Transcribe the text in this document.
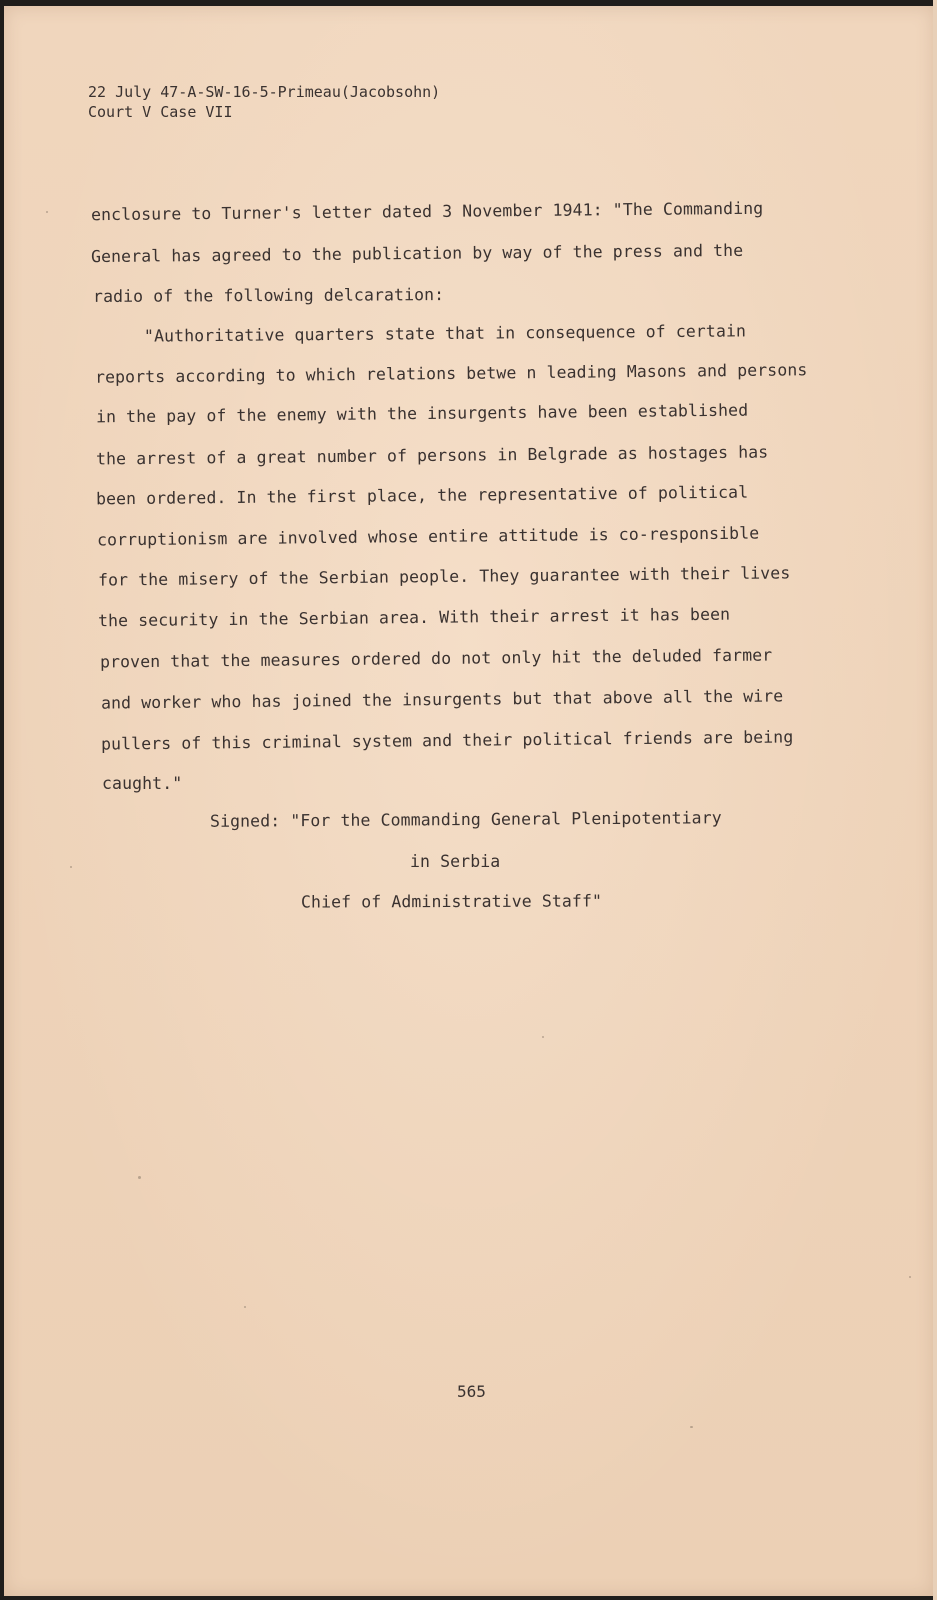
22 July 47-A-SW-16-5-Primeau(Jacobsohn)
Court V Case VII
enclosure to Turner's letter dated 3 November 1941: "The Commanding
General has agreed to the publication by way of the press and the
radio of the following delcaration:
"Authoritative quarters state that in consequence of certain
reports according to which relations betwe n leading Masons and persons
in the pay of the enemy with the insurgents have been established
the arrest of a great number of persons in Belgrade as hostages has
been ordered. In the first place, the representative of political
corruptionism are involved whose entire attitude is co-responsible
for the misery of the Serbian people. They guarantee with their lives
the security in the Serbian area. With their arrest it has been
proven that the measures ordered do not only hit the deluded farmer
and worker who has joined the insurgents but that above all the wire
pullers of this criminal system and their political friends are being
caught."
Signed: "For the Commanding General Plenipotentiary
in Serbia
Chief of Administrative Staff"
565
